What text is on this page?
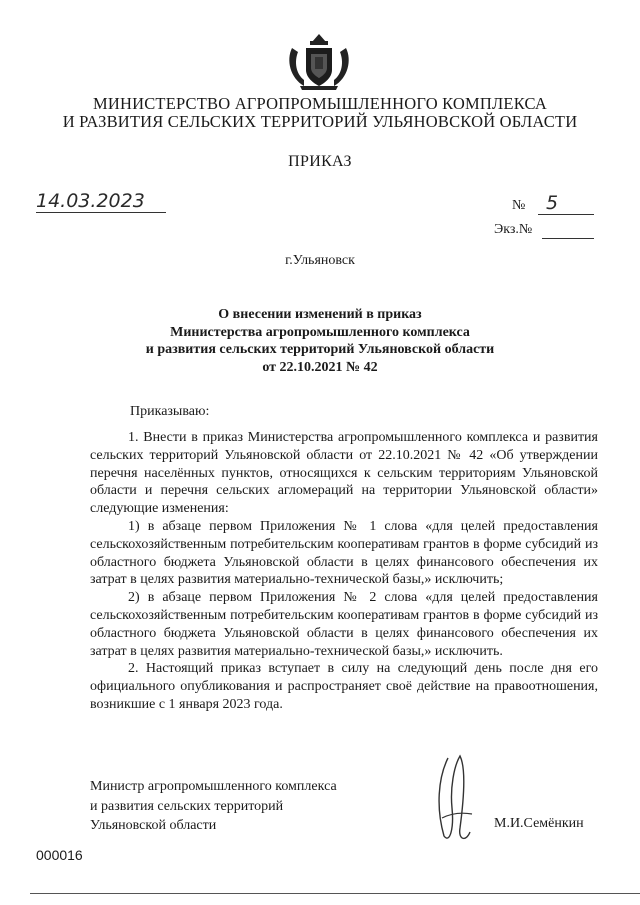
МИНИСТЕРСТВО АГРОПРОМЫШЛЕННОГО КОМПЛЕКСА
И РАЗВИТИЯ СЕЛЬСКИХ ТЕРРИТОРИЙ УЛЬЯНОВСКОЙ ОБЛАСТИ
ПРИКАЗ
14.03.2023	№	5
Экз.№
г.Ульяновск
О внесении изменений в приказ
Министерства агропромышленного комплекса
и развития сельских территорий Ульяновской области
от 22.10.2021 № 42
Приказываю:

1. Внести в приказ Министерства агропромышленного комплекса и развития сельских территорий Ульяновской области от 22.10.2021 № 42 «Об утверждении перечня населённых пунктов, относящихся к сельским территориям Ульяновской области и перечня сельских агломераций на территории Ульяновской области» следующие изменения:

1) в абзаце первом Приложения № 1 слова «для целей предоставления сельскохозяйственным потребительским кооперативам грантов в форме субсидий из областного бюджета Ульяновской области в целях финансового обеспечения их затрат в целях развития материально-технической базы,» исключить;

2) в абзаце первом Приложения № 2 слова «для целей предоставления сельскохозяйственным потребительским кооперативам грантов в форме субсидий из областного бюджета Ульяновской области в целях финансового обеспечения их затрат в целях развития материально-технической базы,» исключить.

2. Настоящий приказ вступает в силу на следующий день после дня его официального опубликования и распространяет своё действие на правоотношения, возникшие с 1 января 2023 года.

Министр агропромышленного комплекса
и развития сельских территорий
Ульяновской области	М.И.Семёнкин
000016
